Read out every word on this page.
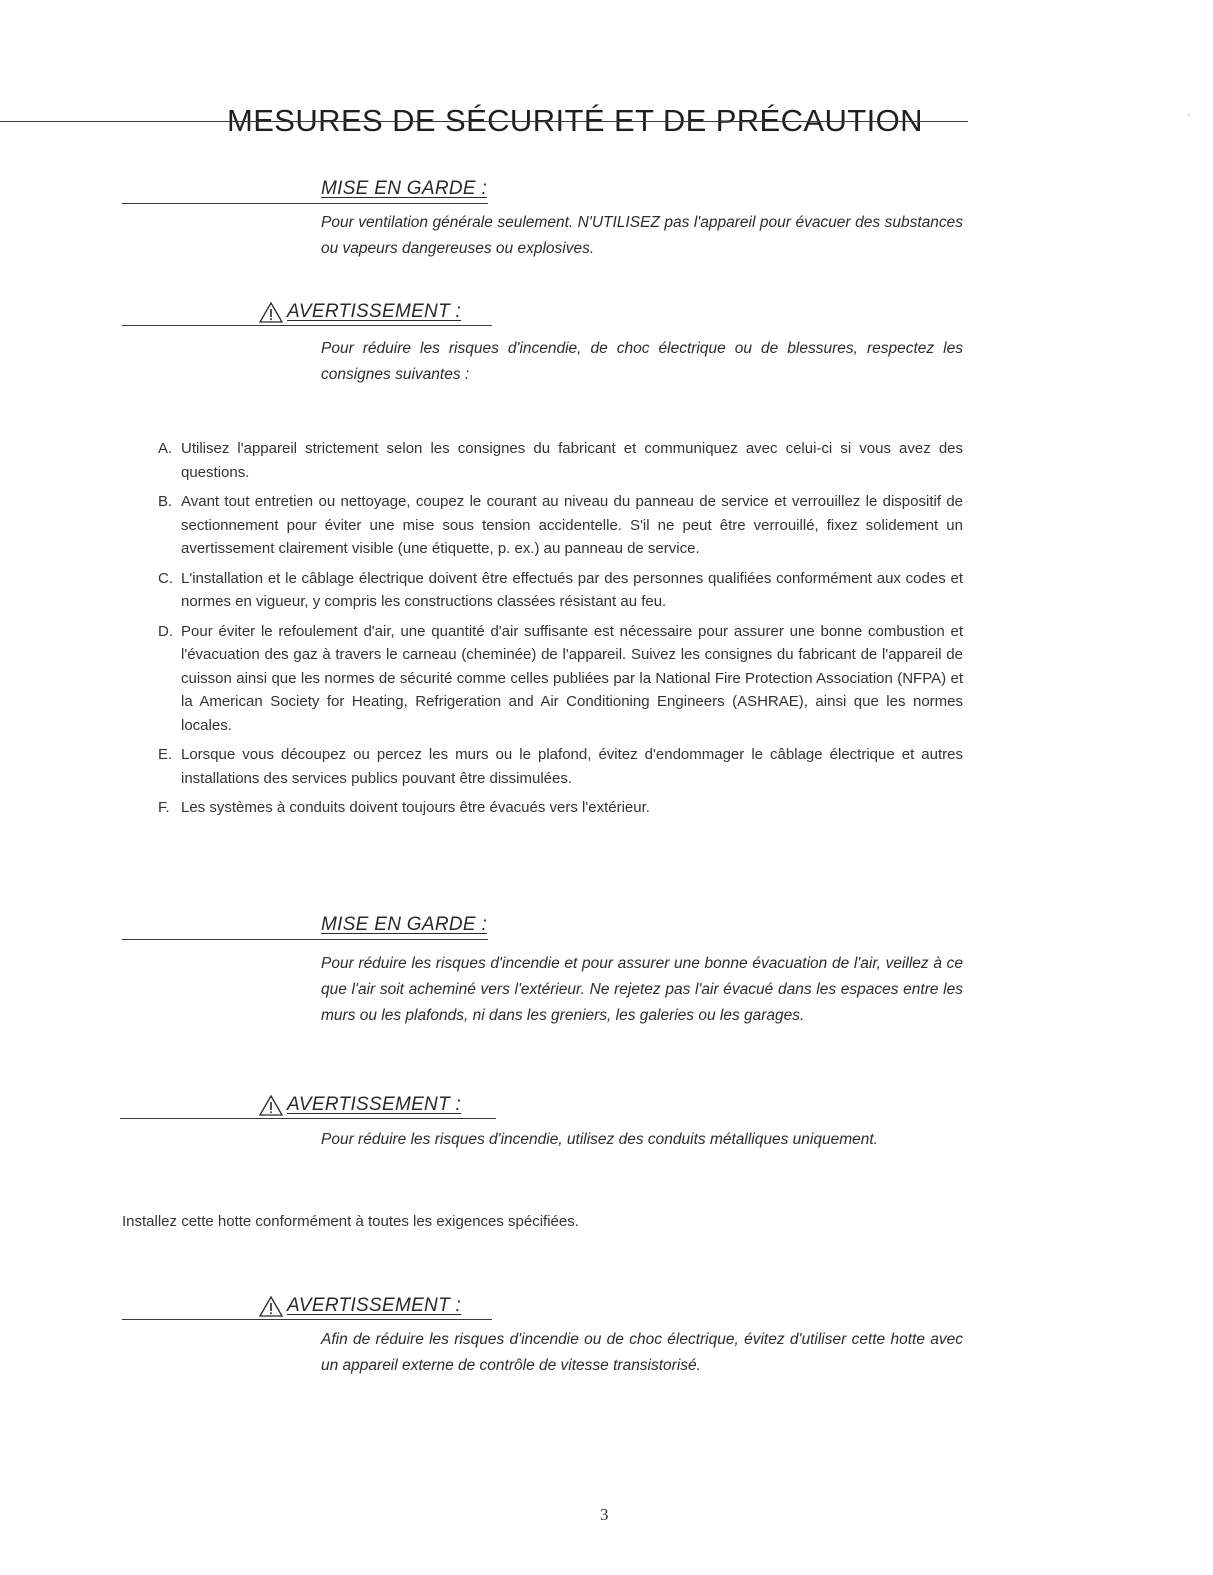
MESURES DE SÉCURITÉ ET DE PRÉCAUTION	'
MISE EN GARDE :

Pour ventilation générale seulement. N'UTILISEZ pas l'appareil pour évacuer des substances ou vapeurs dangereuses ou explosives.

AVERTISSEMENT :

Pour réduire les risques d'incendie, de choc électrique ou de blessures, respectez les consignes suivantes :

A. Utilisez l'appareil strictement selon les consignes du fabricant et communiquez avec celui-ci si vous avez des questions.
B. Avant tout entretien ou nettoyage, coupez le courant au niveau du panneau de service et verrouillez le dispositif de sectionnement pour éviter une mise sous tension accidentelle. S'il ne peut être verrouillé, fixez solidement un avertissement clairement visible (une étiquette, p. ex.) au panneau de service.
C. L'installation et le câblage électrique doivent être effectués par des personnes qualifiées conformément aux codes et normes en vigueur, y compris les constructions classées résistant au feu.
D. Pour éviter le refoulement d'air, une quantité d'air suffisante est nécessaire pour assurer une bonne combustion et l'évacuation des gaz à travers le carneau (cheminée) de l'appareil. Suivez les consignes du fabricant de l'appareil de cuisson ainsi que les normes de sécurité comme celles publiées par la National Fire Protection Association (NFPA) et la American Society for Heating, Refrigeration and Air Conditioning Engineers (ASHRAE), ainsi que les normes locales.
E. Lorsque vous découpez ou percez les murs ou le plafond, évitez d'endommager le câblage électrique et autres installations des services publics pouvant être dissimulées.
F. Les systèmes à conduits doivent toujours être évacués vers l'extérieur.
MISE EN GARDE :

Pour réduire les risques d'incendie et pour assurer une bonne évacuation de l'air, veillez à ce que l'air soit acheminé vers l'extérieur. Ne rejetez pas l'air évacué dans les espaces entre les murs ou les plafonds, ni dans les greniers, les galeries ou les garages.

AVERTISSEMENT :

Pour réduire les risques d'incendie, utilisez des conduits métalliques uniquement.

Installez cette hotte conformément à toutes les exigences spécifiées.
AVERTISSEMENT :

Afin de réduire les risques d'incendie ou de choc électrique, évitez d'utiliser cette hotte avec un appareil externe de contrôle de vitesse transistorisé.

3
